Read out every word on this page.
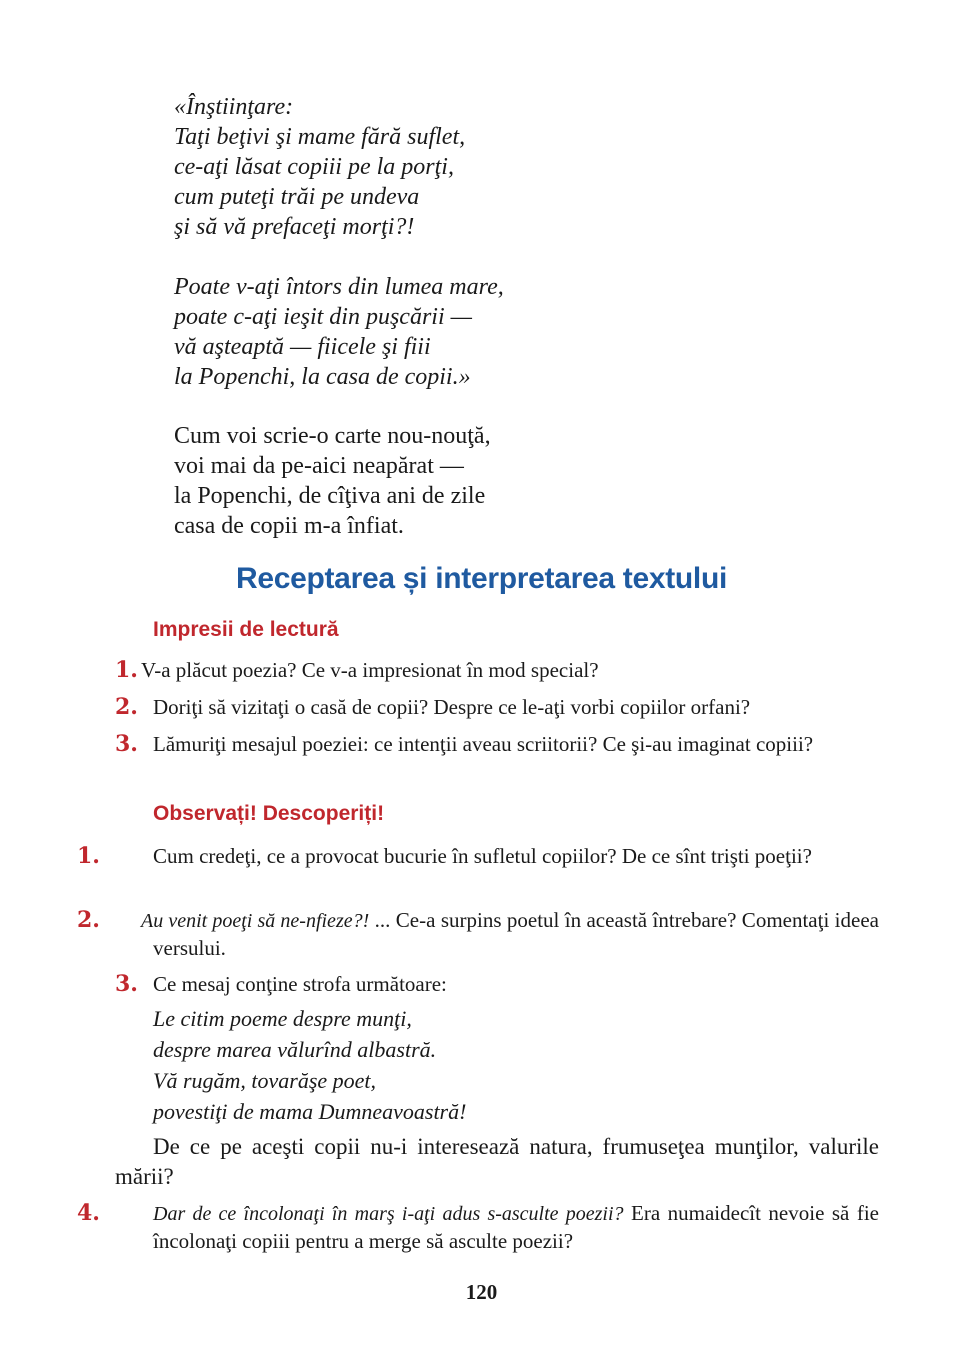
«Înştiinţare:
Taţi beţivi şi mame fără suflet,
ce-aţi lăsat copiii pe la porţi,
cum puteţi trăi pe undeva
şi să vă prefaceţi morţi?!
Poate v-aţi întors din lumea mare,
poate c-aţi ieşit din puşcării —
vă aşteaptă — fiicele şi fiii
la Popenchi, la casa de copii.»
Cum voi scrie-o carte nou-nouţă,
voi mai da pe-aici neapărat —
la Popenchi, de cîţiva ani de zile
casa de copii m-a înfiat.
Receptarea și interpretarea textului
Impresii de lectură
1. V-a plăcut poezia? Ce v-a impresionat în mod special?
2. Doriţi să vizitaţi o casă de copii? Despre ce le-aţi vorbi copiilor orfani?
3. Lămuriţi mesajul poeziei: ce intenţii aveau scriitorii? Ce şi-au imaginat copiii?
Observați! Descoperiți!
1.	Cum credeţi, ce a provocat bucurie în sufletul copiilor? De ce sînt trişti poeţii?
2. Au venit poeţi să ne-nfieze?! ... Ce-a surpins poetul în această întrebare? Comentaţi ideea versului.
3. Ce mesaj conţine strofa următoare:
Le citim poeme despre munţi,
despre marea vălurînd albastră.
Vă rugăm, tovarăşe poet,
povestiţi de mama Dumneavoastră!
De ce pe aceşti copii nu-i interesează natura, frumuseţea munţilor, valurile mării?
4.	Dar de ce încolonaţi în marş i-aţi adus s-asculte poezii? Era numaidecît nevoie să fie încolonaţi copiii pentru a merge să asculte poezii?
120
